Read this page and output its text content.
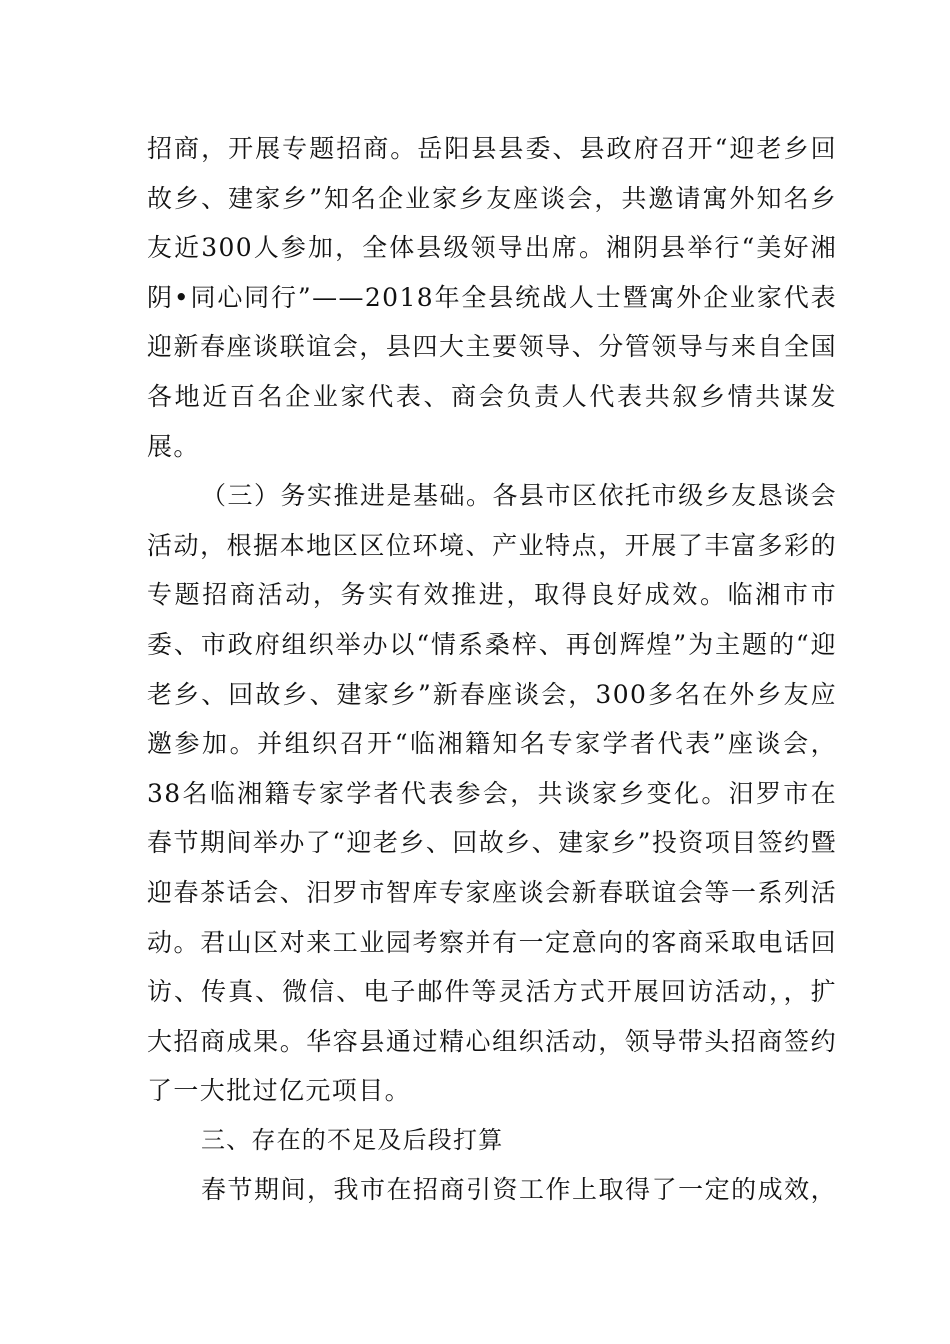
招商，开展专题招商。岳阳县县委、县政府召开“迎老乡回故乡、建家乡”知名企业家乡友座谈会，共邀请寓外知名乡友近300人参加，全体县级领导出席。湘阴县举行“美好湘阴•同心同行”——2018年全县统战人士暨寓外企业家代表迎新春座谈联谊会，县四大主要领导、分管领导与来自全国各地近百名企业家代表、商会负责人代表共叙乡情共谋发展。

（三）务实推进是基础。各县市区依托市级乡友恳谈会活动，根据本地区区位环境、产业特点，开展了丰富多彩的专题招商活动，务实有效推进，取得良好成效。临湘市市委、市政府组织举办以“情系桑梓、再创辉煌”为主题的“迎老乡、回故乡、建家乡”新春座谈会，300多名在外乡友应邀参加。并组织召开“临湘籍知名专家学者代表”座谈会，38名临湘籍专家学者代表参会，共谈家乡变化。汨罗市在春节期间举办了“迎老乡、回故乡、建家乡”投资项目签约暨迎春茶话会、汨罗市智库专家座谈会新春联谊会等一系列活动。君山区对来工业园考察并有一定意向的客商采取电话回访、传真、微信、电子邮件等灵活方式开展回访活动，，扩大招商成果。华容县通过精心组织活动，领导带头招商签约了一大批过亿元项目。

三、存在的不足及后段打算

春节期间，我市在招商引资工作上取得了一定的成效，
